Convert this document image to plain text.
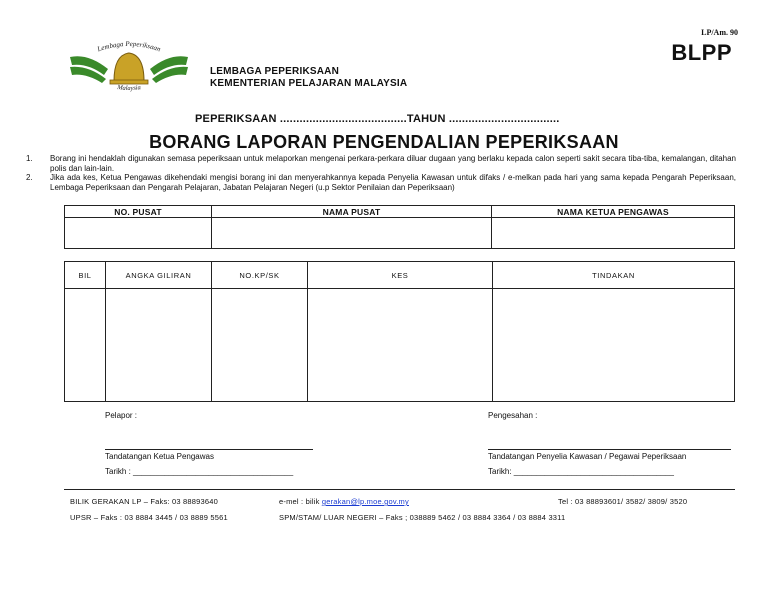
LP/Am. 90
BLPP
Lembaga Peperiksaan
Malaysia
LEMBAGA PEPERIKSAAN
KEMENTERIAN PELAJARAN MALAYSIA
PEPERIKSAAN .......................................TAHUN ..................................
BORANG LAPORAN PENGENDALIAN PEPERIKSAAN
1.	Borang ini hendaklah digunakan semasa peperiksaan untuk melaporkan mengenai perkara-perkara diluar dugaan yang berlaku kepada calon seperti sakit secara tiba-tiba, kemalangan, ditahan polis dan lain-lain.
2.	Jika ada kes, Ketua Pengawas dikehendaki mengisi borang ini dan menyerahkannya kepada Penyelia Kawasan untuk difaks / e-melkan pada hari yang sama kepada Pengarah Peperiksaan, Lembaga Peperiksaan dan Pengarah Pelajaran, Jabatan Pelajaran Negeri (u.p Sektor Penilaian dan Peperiksaan)
NO. PUSAT	NAMA PUSAT	NAMA KETUA PENGAWAS

BIL	ANGKA GILIRAN	NO.KP/SK	KES	TINDAKAN

Pelapor :
Tandatangan Ketua Pengawas
Tarikh : ____________________________________
Pengesahan :
Tandatangan Penyelia Kawasan / Pegawai Peperiksaan
Tarikh: ____________________________________
BILIK GERAKAN LP – Faks: 03 88893640	e-mel : bilik gerakan@lp.moe.gov.my	Tel : 03 88893601/ 3582/ 3809/ 3520
UPSR – Faks : 03 8884 3445 / 03 8889 5561	SPM/STAM/ LUAR NEGERI – Faks ; 038889 5462 / 03 8884 3364 / 03 8884 3311
